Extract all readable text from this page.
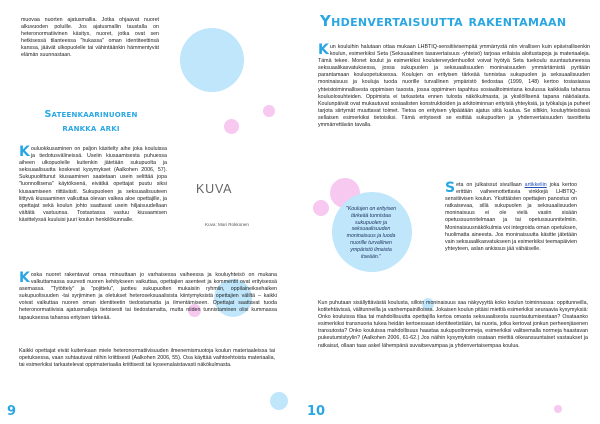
muovaa nuorten ajatusmallia. Jotka ohjaavat nuoret alkuvuoden poluille. Jos ajatusmallin taustalla on heteronormatiivinen käsitys, nuoret, jotka ovat sen hetkisessä tilanteessa "hukassa" oman identiteettinsä kanssa, jäävät ulkopuolelle tai vähintäänkin hämmentyvät elämän suunnastaan.

Sateenkaarinuoren rankka arki

Kouluokkusaminen on paljon käsitelty aihe joka kouluissa ja tiedotusvälineissä. Useiin kiusaamisesta puhuessa aiheen ulkopuolelle kuitenkin jätetään sukupuolta ja seksuaalisuutta koskevat kysymykset (Aalkohen 2006, 57). Sukupuolittunut kiusaaminen saatetaan usein selittää jopa "luonnollisena" käytöksenä, eivätkä opettajat puutu siksi kiusaamiseen riittävästi. Sukupuoleen ja seksuaalisuuteen liittyvä kiusaaminen valkuttaa olevan valkea aloe opettajille, ja opettajat sekä koulun johto saattavat usein hiljaisuudellaan vältätä vastuunsa. Tostastassa vastuu kiusaamisen käsittelyssä kuuluisi juuri koulun henkilökunnalle.

KUVA

Kuva: Mari Rokkonen

Koska nuoret rakentavat omaa minuuttaan jo varhaisessa vaiheessa ja kouluyhteisö on mukana valkuttamassa suuresti nuoren kehitykseen vaikuttaa, opettajien asenteet ja kommentit ovat erityisessä asemassa. "Tytöttely" ja "pojittelu", jaotteu sukupuolten mukaisiin ryhmiin, oppilaineiksehaiken sukupuolisuuden -tai syrjiminen ja oletukset heteroseksuaalisista kiintymyksistä opettajien väliltä – kaikki voivat valkuttaa nuoren oman identiteetin tiedostamatta ja ilmentämiseen. Opettajat saattavat tuoda heteronormatiivisia ajatusmalleja tietoisesti tai tiedostamatta, mutta niiden tunnistaminen olisi kummassa tapauksessa tahansa erityisen tärkeää.

Kaikki opettajat eivät kuitenkaan miele heteronormatiivisuuden ilmenemismuotoja koulun materiaaleissa tai opetuksessa, vaan suhtautuvat niihin kriittisesti (Aalkohen 2006, 55). Osa käyttää vaihtoehtoista materiaalia, tai esimerkiksi tarkastelevat oppimateriaalia kriittisesti tai kyseenalaistavasti näkökulmasta.

9

Yhdenvertaisuutta rakentamaan

Kun kouluihin halutaan ottaa mukaan LHBTIQ-sensitiivisempää ymmärrystä niin virallisen kuin epävirallisenkin koulun, esimerkiksi Seta (Seksuaalinen tasavertaisuus -yhteisö) tarjoaa erilaisia aloitustapoja ja materiaaleja. Tämä tekee. Monet koulut ja esimerkiksi kouluterveydenhuollot voivat hyötyä Seta tuekoulu suuntautuneessa seksuaalikasvatuksessa, jossa sukupuolen ja seksuaalisuuden moninaisuuden ymmärtämistä pyritään parantamaan kouluopetuksessa. Koulujen on erityisen tärkeää tunnistaa sukupuolen ja seksuaalisuuden moninaisuus ja kouluja tuoda nuorille turvallinen ympäristö tiedostaa (1999, 148) kertoo tosiasiassa yhteistoiminnallisesta oppimisen tasosta, jossa oppiminen tapahtuu sosiaalitoimintana koulussa kaikkialla tahansa kouluolosuhteiden. Oppimista ei tarkasteta ennen tulosta näkökulmasta, ja yksilöllisenä tapana näköalasta. Koulunpäivät ovat mukautuvat sosiaalisten konstruktioiden ja arkitoiminnan erityisiä yhteyksiä, ja työkaluja ja puheet tarjota siirtymät muuttavat toimet. Tietoa on erityisen ylipäätään ajatus siitä kuulua. Se siltikin, kouluyhteisöissä sellaisen esimerkiksi tietoisiksi. Tämä erityisesti se esittää sukupuolten ja yhdenvertaisuuden tavoitteita ymmärrettävän tavalla.

"Koulujen on erityisen tärkeää tunnistaa sukupuolen ja seksuaalisuuden moninaisuus ja luoda nuorille turvallinen ympäristö ilmaista itseään."

Seta on julkaissut sivuillaan artikkeliin joka kertoo erittäin vaiheenottettavia vinkkejä LHBTIQ-sensitiivisen koulun. Yksittäisten opettajien panostus on ratkaisevaa, sillä sukupuolen ja seksuaalisuuden moninaisuus ei ole vielä vasiin sisään opetussuunnitelmaan ja tai opetussuunnitelmiin. Moninaisuusnäkökulmia voi integroida oman opetuksen, huolimatta aineesta. Jos moninaisuutta käsitte jätetään vain seksuaalikasvatukseen ja esimerkiksi teemapäivien yhteyteen, aslan ankissus jää vähäiselle.

Kun puhutaan sisällyttävästä koulusta, silloin moninaisuus saa näkyvyyttä koko koulun toiminnassa: oppitunneilla, kotitehtävissä, välitunneilla ja vanhempainilloissa. Jokaisen koulun pitäisi miettiä esimerkiksi seuraavia kysymyksiä: Onko kouluissa tilaa tai mahdollisuutta opettajilla kertoa omasta seksuaalisesta suuntautumisestaan? Osataanko esimerkiksi transnuoria tukea heidän kertoessaan identiteetistään, tai nuoria, jotka kertovat jonkun perheenjäsenen transutosta? Onko kouluissa mahdollisuus haastaa sukupuolinormeja, esimerkiksi valitsemalla normeja haastavan pukeutumistyylin? (Aalkohen 2006, 61-62.) Jos näihin kysymyksiin osataan miettiä oikeansuuntaiset vastaukset ja ratkaisut, ollaan taas askel lähempänä suvaitsevampaa ja yhdenvertaisempaa koulua.

10
